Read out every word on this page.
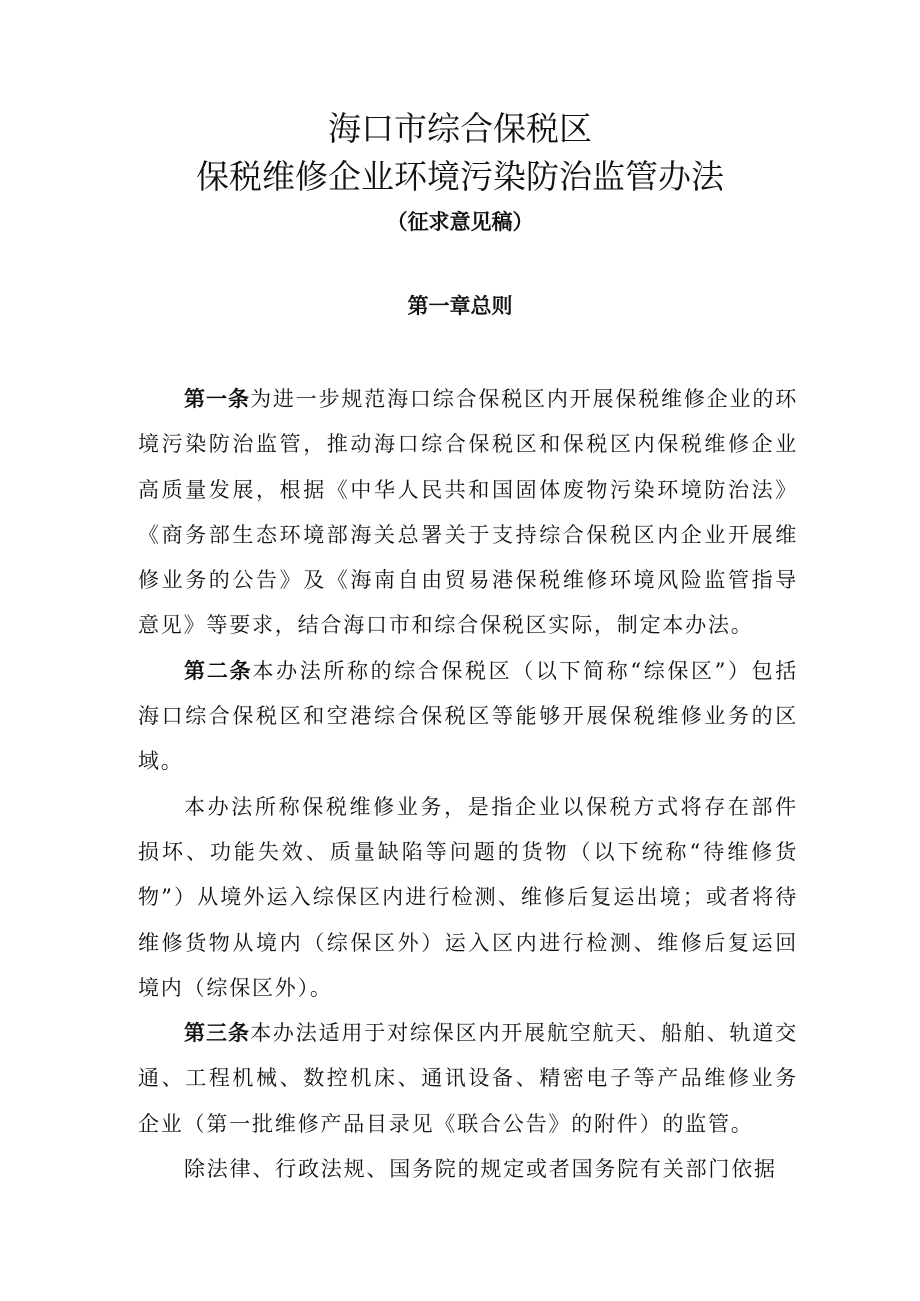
海口市综合保税区
保税维修企业环境污染防治监管办法
（征求意见稿）
第一章总则

第一条为进一步规范海口综合保税区内开展保税维修企业的环境污染防治监管，推动海口综合保税区和保税区内保税维修企业高质量发展，根据《中华人民共和国固体废物污染环境防治法》《商务部生态环境部海关总署关于支持综合保税区内企业开展维修业务的公告》及《海南自由贸易港保税维修环境风险监管指导意见》等要求，结合海口市和综合保税区实际，制定本办法。

第二条本办法所称的综合保税区（以下简称“综保区”）包括海口综合保税区和空港综合保税区等能够开展保税维修业务的区域。

本办法所称保税维修业务，是指企业以保税方式将存在部件损坏、功能失效、质量缺陷等问题的货物（以下统称“待维修货物”）从境外运入综保区内进行检测、维修后复运出境；或者将待维修货物从境内（综保区外）运入区内进行检测、维修后复运回境内（综保区外）。

第三条本办法适用于对综保区内开展航空航天、船舶、轨道交通、工程机械、数控机床、通讯设备、精密电子等产品维修业务企业（第一批维修产品目录见《联合公告》的附件）的监管。

除法律、行政法规、国务院的规定或者国务院有关部门依据
